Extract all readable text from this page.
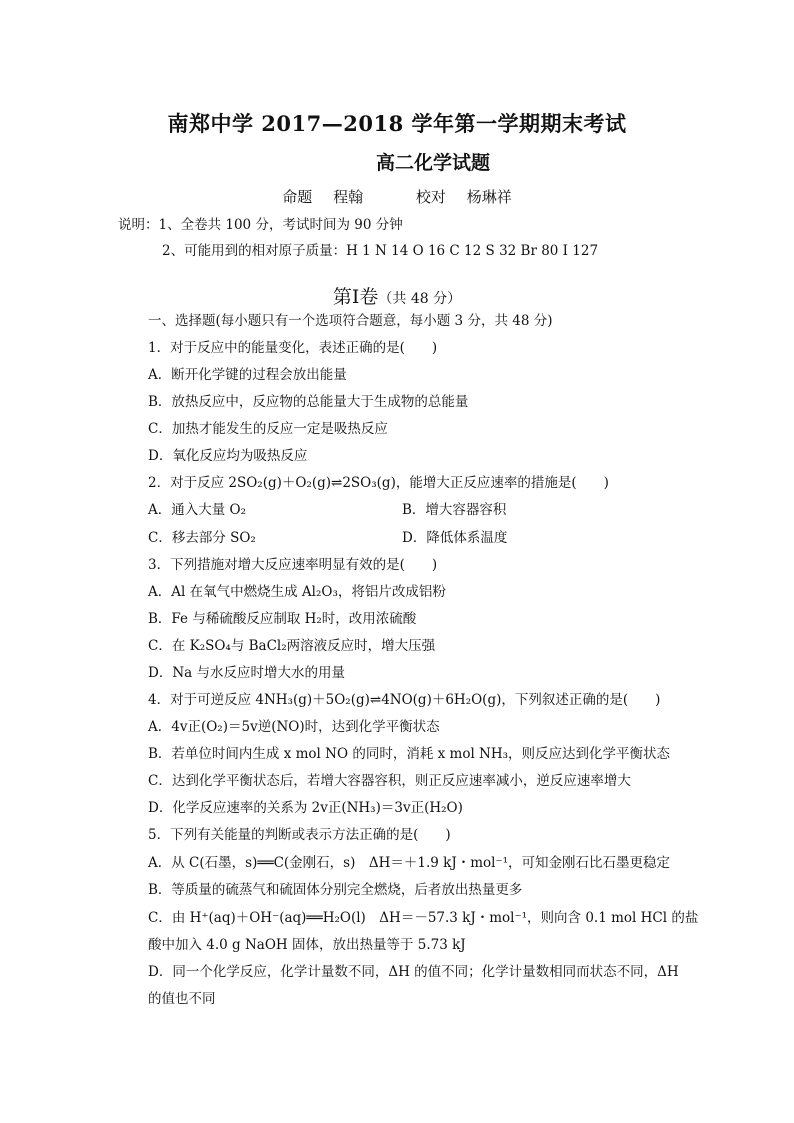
南郑中学 2017—2018 学年第一学期期末考试
高二化学试题
命题 程翰	校对 杨琳祥
说明：1、全卷共 100 分，考试时间为 90 分钟
2、可能用到的相对原子质量：H 1 N 14 O 16 C 12 S 32 Br 80 I 127
第Ⅰ卷（共 48 分）
一、选择题(每小题只有一个选项符合题意，每小题 3 分，共 48 分)
1．对于反应中的能量变化，表述正确的是(　　)
A．断开化学键的过程会放出能量
B．放热反应中，反应物的总能量大于生成物的总能量
C．加热才能发生的反应一定是吸热反应
D．氧化反应均为吸热反应
2．对于反应 2SO₂(g)＋O₂(g)⇌2SO₃(g)，能增大正反应速率的措施是(　　)
A．通入大量 O₂	B．增大容器容积
C．移去部分 SO₂	D．降低体系温度
3．下列措施对增大反应速率明显有效的是(　　)
A．Al 在氧气中燃烧生成 Al₂O₃，将铝片改成铝粉
B．Fe 与稀硫酸反应制取 H₂时，改用浓硫酸
C．在 K₂SO₄与 BaCl₂两溶液反应时，增大压强
D．Na 与水反应时增大水的用量
4．对于可逆反应 4NH₃(g)＋5O₂(g)⇌4NO(g)＋6H₂O(g)，下列叙述正确的是(　　)
A．4v正(O₂)＝5v逆(NO)时，达到化学平衡状态
B．若单位时间内生成 x mol NO 的同时，消耗 x mol NH₃，则反应达到化学平衡状态
C．达到化学平衡状态后，若增大容器容积，则正反应速率减小，逆反应速率增大
D．化学反应速率的关系为 2v正(NH₃)＝3v正(H₂O)
5．下列有关能量的判断或表示方法正确的是(　　)
A．从 C(石墨，s)══C(金刚石，s)　ΔH＝＋1.9 kJ・mol⁻¹，可知金刚石比石墨更稳定
B．等质量的硫蒸气和硫固体分别完全燃烧，后者放出热量更多
C．由 H⁺(aq)＋OH⁻(aq)══H₂O(l)　ΔH＝－57.3 kJ・mol⁻¹，则向含 0.1 mol HCl 的盐
酸中加入 4.0 g NaOH 固体，放出热量等于 5.73 kJ
D．同一个化学反应，化学计量数不同，ΔH 的值不同；化学计量数相同而状态不同，ΔH
的值也不同
